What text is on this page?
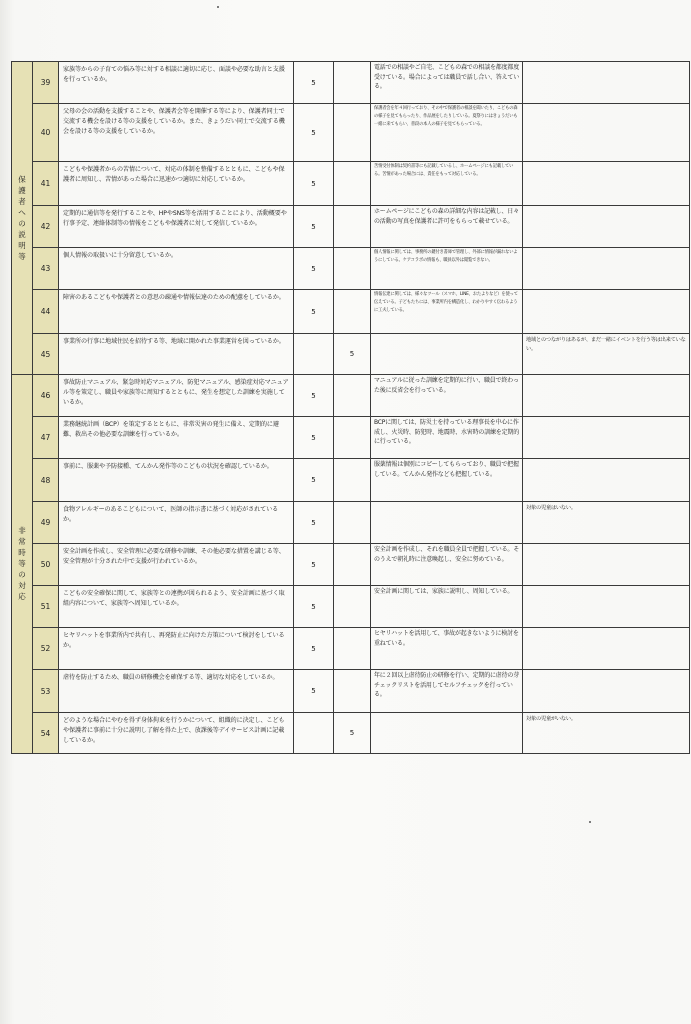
保護者への説明等	39	家族等からの子育ての悩み等に対する相談に適切に応じ、面談や必要な助言と支援を行っているか。	5		電話での相談やご自宅、こどもの森での相談を都度都度受けている。場合によっては職員で話し合い、答えている。	
	40	父母の会の活動を支援することや、保護者会等を開催する等により、保護者同士で交流する機会を設ける等の支援をしているか。また、きょうだい同士で交流する機会を設ける等の支援をしているか。	5		保護者会を年４回行っており、その中で保護者の相談を聞いたり、こどもの森の様子を見てもらったり、作品展をしたりしている。夏祭りにはきょうだいも一緒に来てもらい、普段の本人の様子を見てもらっている。	
	41	こどもや保護者からの苦情について、対応の体制を整備するとともに、こどもや保護者に周知し、苦情があった場合に迅速かつ適切に対応しているか。	5		苦情受付体制は契約書等にも記載しているし、ホームページにも記載している。苦情があった場合には、責任をもって対応している。	
	42	定期的に通信等を発行することや、HPやSNS等を活用することにより、活動概要や行事予定、連絡体制等の情報をこどもや保護者に対して発信しているか。	5		ホームページにこどもの森の詳細な内容は記載し、日々の活動の写真を保護者に許可をもらって載せている。	
	43	個人情報の取扱いに十分留意しているか。	5		個人情報に関しては、事務所の鍵付き書庫で管理し、外部に情報が漏れないようにしている。ケアコラボの情報も、職員以外は閲覧できない。	
	44	障害のあるこどもや保護者との意思の疎通や情報伝達のための配慮をしているか。	5		情報伝達に関しては、様々なツール（スマホ、LINE、おたよりなど）を使って伝えている。子どもたちには、事業所内を構造化し、わかりやすく伝わるように工夫している。	
	45	事業所の行事に地域住民を招待する等、地域に開かれた事業運営を図っているか。		5		地域とのつながりはあるが、まだ一緒にイベントを行う等は出来ていない。
非常時等の対応	46	事故防止マニュアル、緊急時対応マニュアル、防犯マニュアル、感染症対応マニュアル等を策定し、職員や家族等に周知するとともに、発生を想定した訓練を実施しているか。	5		マニュアルに従った訓練を定期的に行い、職員で終わった後に反省会を行っている。	
	47	業務継続計画（BCP）を策定するとともに、非常災害の発生に備え、定期的に避難、救出その他必要な訓練を行っているか。	5		BCPに関しては、防災士を持っている理事長を中心に作成し、火災時、防犯時、地震時、水害時の訓練を定期的に行っている。	
	48	事前に、服薬や予防接種、てんかん発作等のこどもの状況を確認しているか。	5		服薬情報は個別にコピーしてもらっており、職員で把握している。てんかん発作なども把握している。	
	49	食物アレルギーのあるこどもについて、医師の指示書に基づく対応がされているか。	5			対象の児童はいない。
	50	安全計画を作成し、安全管理に必要な研修や訓練、その他必要な措置を講じる等、安全管理が十分された中で支援が行われているか。	5		安全計画を作成し、それを職員全員で把握している。そのうえで朝礼時に注意喚起し、安全に努めている。	
	51	こどもの安全確保に関して、家族等との連携が図られるよう、安全計画に基づく取組内容について、家族等へ周知しているか。	5		安全計画に関しては、家族に説明し、周知している。	
	52	ヒヤリハットを事業所内で共有し、再発防止に向けた方策について検討をしているか。	5		ヒヤリハットを活用して、事故が起きないように検討を重ねている。	
	53	虐待を防止するため、職員の研修機会を確保する等、適切な対応をしているか。	5		年に２回以上虐待防止の研修を行い、定期的に虐待の芽チェックリストを活用してセルフチェックを行っている。	
	54	どのような場合にやむを得ず身体拘束を行うかについて、組織的に決定し、こどもや保護者に事前に十分に説明し了解を得た上で、放課後等デイサービス計画に記載しているか。		5		対象の児童がいない。
